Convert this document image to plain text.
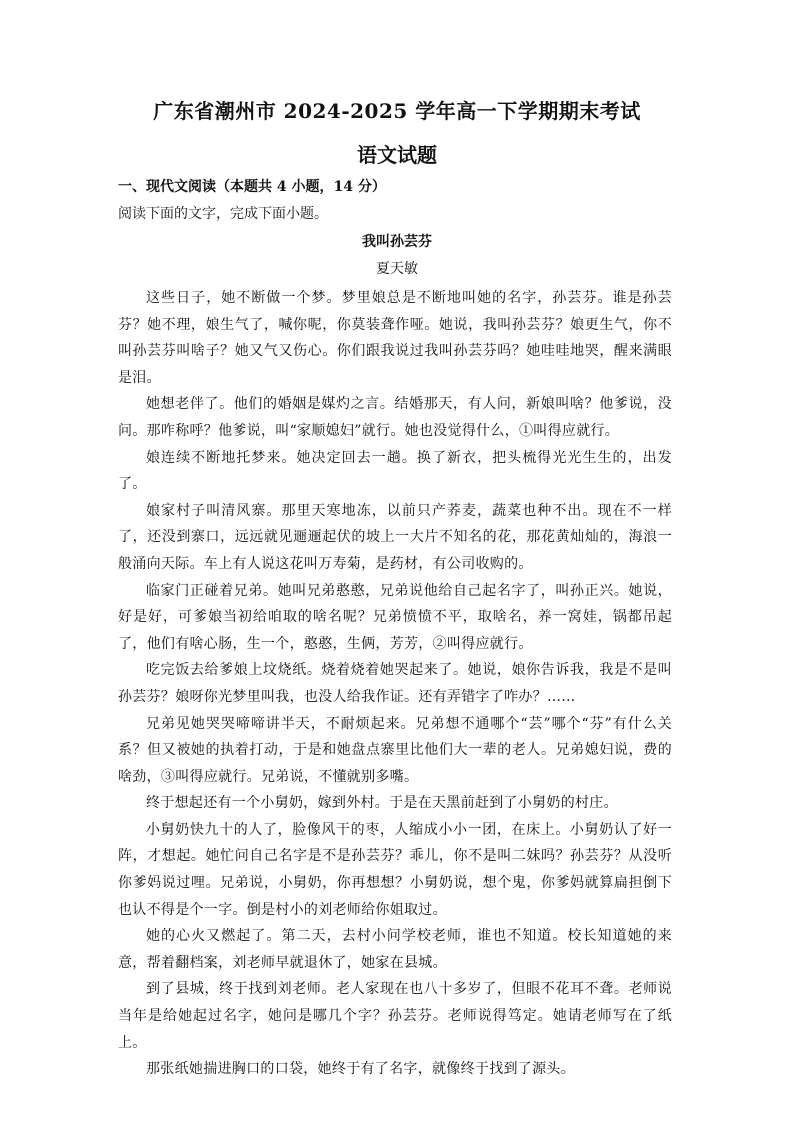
广东省潮州市 2024-2025 学年高一下学期期末考试
语文试题
一、现代文阅读（本题共 4 小题，14 分）
阅读下面的文字，完成下面小题。
我叫孙芸芬
夏天敏

这些日子，她不断做一个梦。梦里娘总是不断地叫她的名字，孙芸芬。谁是孙芸芬？她不理，娘生气了，喊你呢，你莫装聋作哑。她说，我叫孙芸芬？娘更生气，你不叫孙芸芬叫啥子？她又气又伤心。你们跟我说过我叫孙芸芬吗？她哇哇地哭，醒来满眼是泪。

她想老伴了。他们的婚姻是媒灼之言。结婚那天，有人问，新娘叫啥？他爹说，没问。那咋称呼？他爹说，叫“家顺媳妇”就行。她也没觉得什么，①叫得应就行。

娘连续不断地托梦来。她决定回去一趟。换了新衣，把头梳得光光生生的，出发了。

娘家村子叫清风寨。那里天寒地冻，以前只产荞麦，蔬菜也种不出。现在不一样了，还没到寨口，远远就见逦逦起伏的坡上一大片不知名的花，那花黄灿灿的，海浪一般涌向天际。车上有人说这花叫万寿菊，是药材，有公司收购的。

临家门正碰着兄弟。她叫兄弟憨憨，兄弟说他给自己起名字了，叫孙正兴。她说，好是好，可爹娘当初给咱取的啥名呢？兄弟愤愤不平，取啥名，养一窝娃，锅都吊起了，他们有啥心肠，生一个，憨憨，生俩，芳芳，②叫得应就行。

吃完饭去给爹娘上坟烧纸。烧着烧着她哭起来了。她说，娘你告诉我，我是不是叫孙芸芬？娘呀你光梦里叫我，也没人给我作证。还有弄错字了咋办？……

兄弟见她哭哭啼啼讲半天，不耐烦起来。兄弟想不通哪个“芸”哪个“芬”有什么关系？但又被她的执着打动，于是和她盘点寨里比他们大一辈的老人。兄弟媳妇说，费的啥劲，③叫得应就行。兄弟说，不懂就别多嘴。

终于想起还有一个小舅奶，嫁到外村。于是在天黑前赶到了小舅奶的村庄。

小舅奶快九十的人了，脸像风干的枣，人缩成小小一团，在床上。小舅奶认了好一阵，才想起。她忙问自己名字是不是孙芸芬？乖儿，你不是叫二妹吗？孙芸芬？从没听你爹妈说过哩。兄弟说，小舅奶，你再想想？小舅奶说，想个鬼，你爹妈就算扁担倒下也认不得是个一字。倒是村小的刘老师给你姐取过。

她的心火又燃起了。第二天，去村小问学校老师，谁也不知道。校长知道她的来意，帮着翻档案，刘老师早就退休了，她家在县城。

到了县城，终于找到刘老师。老人家现在也八十多岁了，但眼不花耳不聋。老师说当年是给她起过名字，她问是哪几个字？孙芸芬。老师说得笃定。她请老师写在了纸上。

那张纸她揣进胸口的口袋，她终于有了名字，就像终于找到了源头。
